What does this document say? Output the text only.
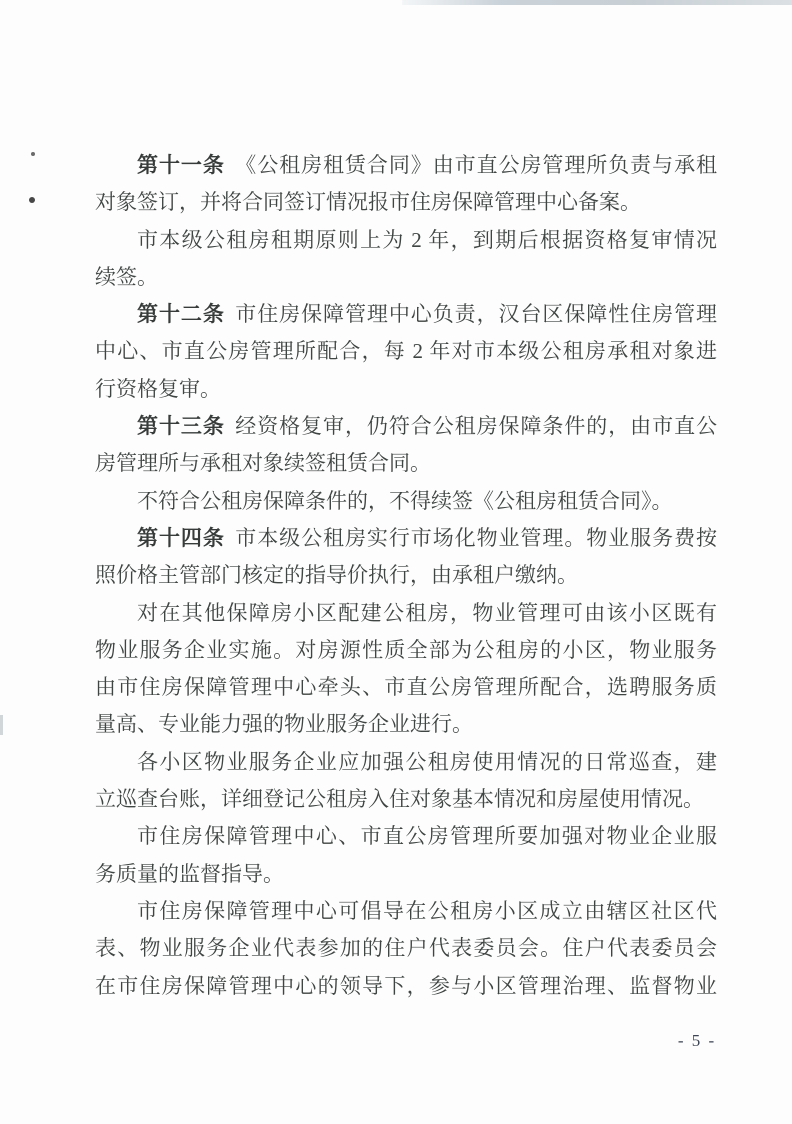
第十一条 《公租房租赁合同》由市直公房管理所负责与承租
对象签订，并将合同签订情况报市住房保障管理中心备案。
市本级公租房租期原则上为 2 年，到期后根据资格复审情况
续签。
第十二条 市住房保障管理中心负责，汉台区保障性住房管理
中心、市直公房管理所配合，每 2 年对市本级公租房承租对象进
行资格复审。
第十三条 经资格复审，仍符合公租房保障条件的，由市直公
房管理所与承租对象续签租赁合同。
不符合公租房保障条件的，不得续签《公租房租赁合同》。
第十四条 市本级公租房实行市场化物业管理。物业服务费按
照价格主管部门核定的指导价执行，由承租户缴纳。
对在其他保障房小区配建公租房，物业管理可由该小区既有
物业服务企业实施。对房源性质全部为公租房的小区，物业服务
由市住房保障管理中心牵头、市直公房管理所配合，选聘服务质
量高、专业能力强的物业服务企业进行。
各小区物业服务企业应加强公租房使用情况的日常巡查，建
立巡查台账，详细登记公租房入住对象基本情况和房屋使用情况。
市住房保障管理中心、市直公房管理所要加强对物业企业服
务质量的监督指导。
市住房保障管理中心可倡导在公租房小区成立由辖区社区代
表、物业服务企业代表参加的住户代表委员会。住户代表委员会
在市住房保障管理中心的领导下，参与小区管理治理、监督物业
- 5 -
